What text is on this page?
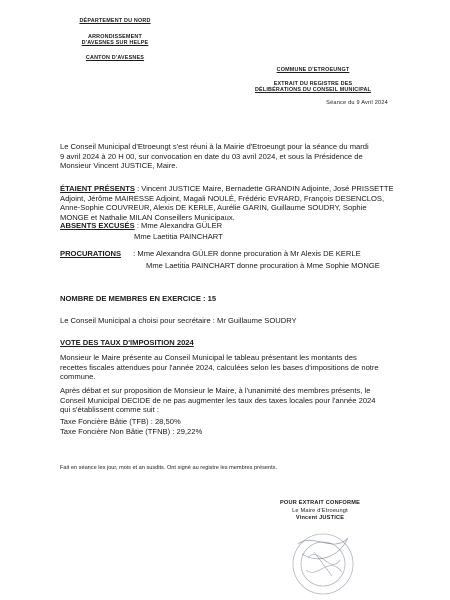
DÉPARTEMENT DU NORD
ARRONDISSEMENT
D'AVESNES SUR HELPE
CANTON D'AVESNES
COMMUNE D'ETROEUNGT
EXTRAIT DU REGISTRE DES
DÉLIBÉRATIONS DU CONSEIL MUNICIPAL
Séance du 9 Avril 2024
Le Conseil Municipal d'Etroeungt s'est réuni à la Mairie d'Etroeungt pour la séance du mardi
9 avril 2024 à 20 H 00, sur convocation en date du 03 avril 2024, et sous la Présidence de
Monsieur Vincent JUSTICE, Maire.
ÉTAIENT PRÉSENTS : Vincent JUSTICE Maire, Bernadette GRANDIN Adjointe, José PRISSETTE
Adjoint, Jérôme MAIRESSE Adjoint, Magali NOULÉ, Frédéric EVRARD, François DESENCLOS,
Anne-Sophie COUVREUR, Alexis DE KERLE, Aurélie GARIN, Guillaume SOUDRY, Sophie
MONGE et Nathalie MILAN Conseillers Municipaux.
ABSENTS EXCUSÉS : Mme Alexandra GÜLER
Mme Laetitia PAINCHART
PROCURATIONS : Mme Alexandra GÜLER donne procuration à Mr Alexis DE KERLE
Mme Laetitia PAINCHART donne procuration à Mme Sophie MONGE
NOMBRE DE MEMBRES EN EXERCICE : 15
Le Conseil Municipal a choisi pour secrétaire : Mr Guillaume SOUDRY
VOTE DES TAUX D'IMPOSITION 2024
Monsieur le Maire présente au Conseil Municipal le tableau présentant les montants des
recettes fiscales attendues pour l'année 2024, calculées selon les bases d'impositions de notre
commune.
Après débat et sur proposition de Monsieur le Maire, à l'unanimité des membres présents, le
Conseil Municipal DECIDE de ne pas augmenter les taux des taxes locales pour l'année 2024
qui s'établissent comme suit :
Taxe Foncière Bâtie (TFB) : 28,50%
Taxe Foncière Non Bâtie (TFNB) : 29,22%
Fait en séance les jour, mois et an susdits. Ont signé au registre les membres présents.
POUR EXTRAIT CONFORME
Le Maire d'Etroeungt
Vincent JUSTICE
